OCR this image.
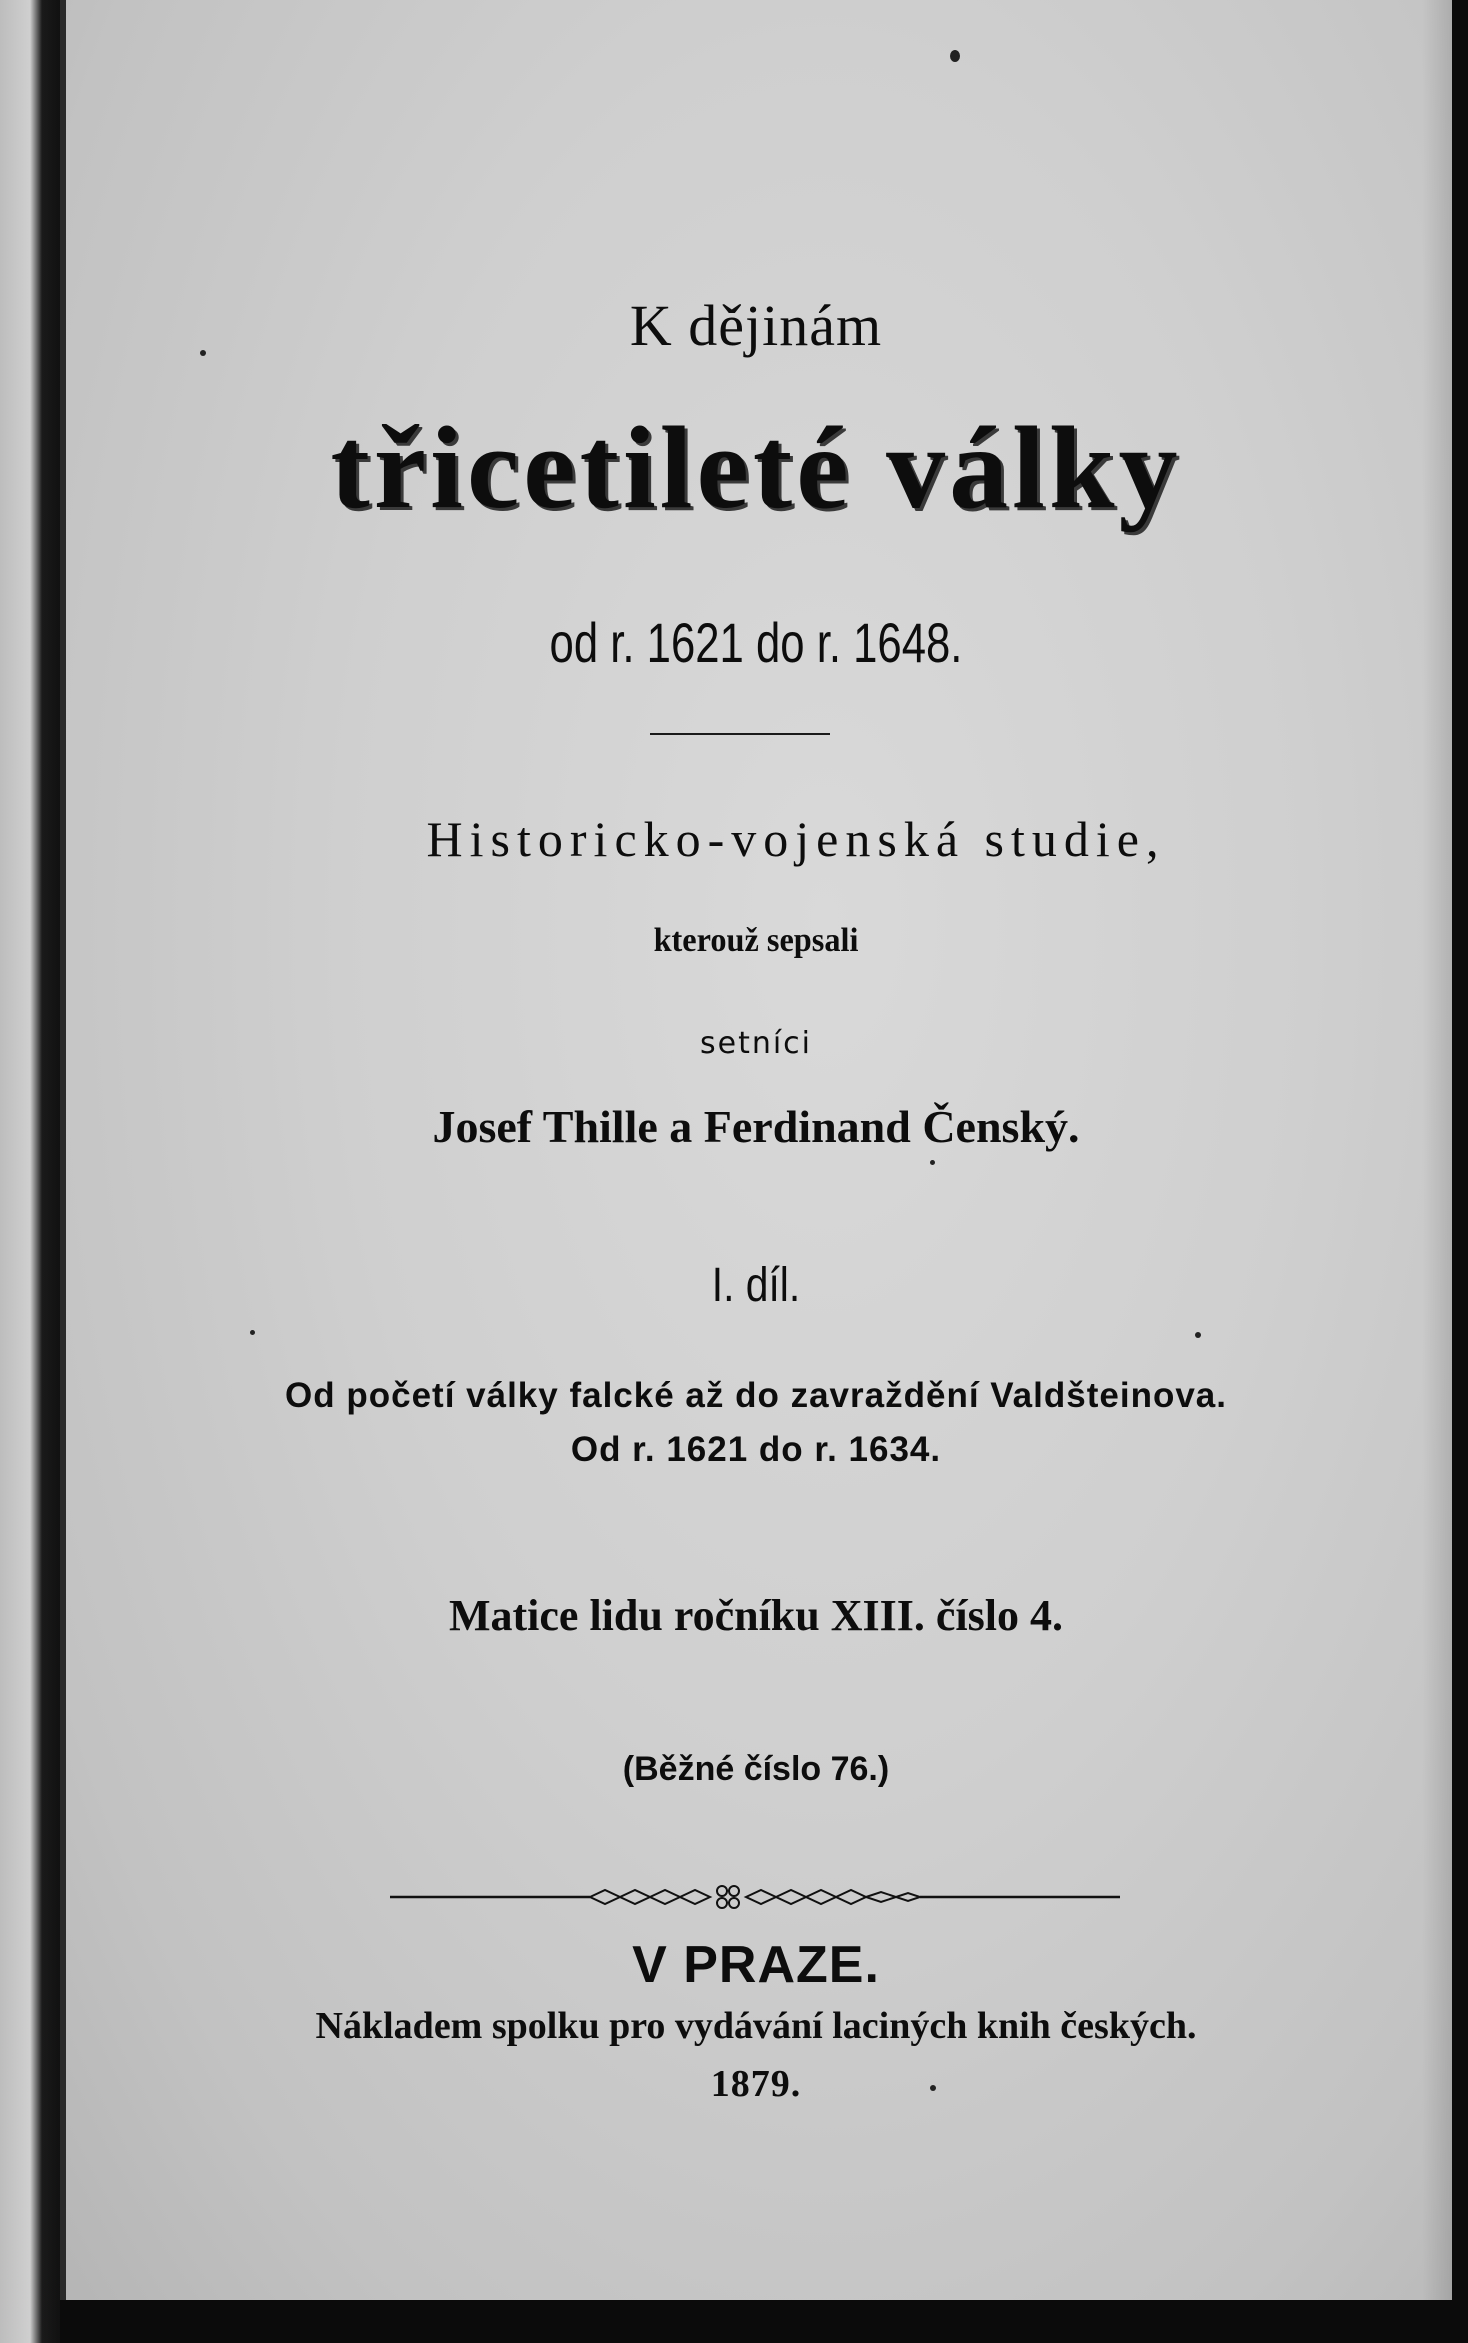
K dějinám
třicetileté války
od r. 1621 do r. 1648.
Historicko-vojenská studie,
kterouž sepsali
setníci
Josef Thille a Ferdinand Čenský.
I. díl.
Od početí války falcké až do zavraždění Valdšteinova.
Od r. 1621 do r. 1634.
Matice lidu ročníku XIII. číslo 4.
(Běžné číslo 76.)
V PRAZE.
Nákladem spolku pro vydávání laciných knih českých.
1879.
